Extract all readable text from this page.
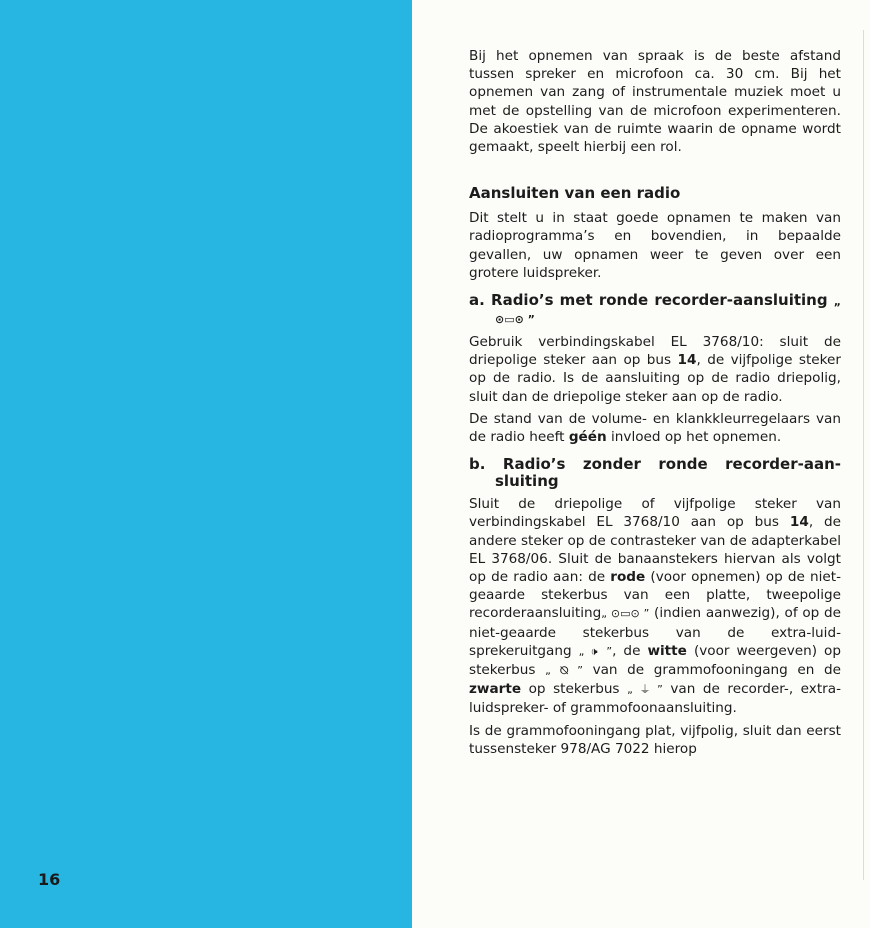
16

Bij het opnemen van spraak is de beste afstand tussen spreker en microfoon ca. 30 cm. Bij het opnemen van zang of instrumentale muziek moet u met de opstelling van de microfoon experimenteren. De akoestiek van de ruimte waarin de opname wordt gemaakt, speelt hierbij een rol.

Aansluiten van een radio

Dit stelt u in staat goede opnamen te maken van radioprogramma’s en bovendien, in bepaalde gevallen, uw opnamen weer te geven over een grotere luidspreker.

a. Radio’s met ronde recorder-aansluiting „ ⊙▭⊙ ”

Gebruik verbindingskabel EL 3768/10: sluit de driepolige steker aan op bus 14, de vijfpolige steker op de radio. Is de aansluiting op de radio driepolig, sluit dan de driepolige steker aan op de radio.

De stand van de volume- en klankkleurregelaars van de radio heeft géén invloed op het opnemen.

b. Radio’s zonder ronde recorder-aansluiting

Sluit de driepolige of vijfpolige steker van verbindingskabel EL 3768/10 aan op bus 14, de andere steker op de contrasteker van de adapterkabel EL 3768/06. Sluit de banaanstekers hiervan als volgt op de radio aan: de rode (voor opnemen) op de niet-geaarde stekerbus van een platte, tweepolige recorderaansluiting„ ⊙▭⊙ ” (indien aanwezig), of op de niet-geaarde stekerbus van de extra-luidsprekeruitgang „ 🕩 ”, de witte (voor weergeven) op stekerbus „ ⦰ ” van de grammofooningang en de zwarte op stekerbus „ ⏚ ” van de recorder-, extra-luidspreker- of grammofoonaansluiting.

Is de grammofooningang plat, vijfpolig, sluit dan eerst tussensteker 978/AG 7022 hierop
